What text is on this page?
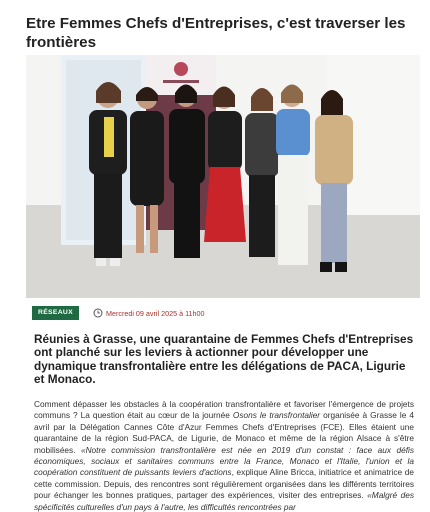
Etre Femmes Chefs d'Entreprises, c'est traverser les frontières
RÉSEAUX	Mercredi 09 avril 2025 à 11h00
Réunies à Grasse, une quarantaine de Femmes Chefs d'Entreprises ont planché sur les leviers à actionner pour développer une dynamique transfrontalière entre les délégations de PACA, Ligurie et Monaco.
Comment dépasser les obstacles à la coopération transfrontalière et favoriser l'émergence de projets communs ? La question était au cœur de la journée Osons le transfrontalier organisée à Grasse le 4 avril par la Délégation Cannes Côte d'Azur Femmes Chefs d'Entreprises (FCE). Elles étaient une quarantaine de la région Sud-PACA, de Ligurie, de Monaco et même de la région Alsace à s'être mobilisées. «Notre commission transfrontalière est née en 2019 d'un constat : face aux défis économiques, sociaux et sanitaires communs entre la France, Monaco et l'Italie, l'union et la coopération constituent de puissants leviers d'actions, explique Aline Bricca, initiatrice et animatrice de cette commission. Depuis, des rencontres sont régulièrement organisées dans les différents territoires pour échanger les bonnes pratiques, partager des expériences, visiter des entreprises. «Malgré des spécificités culturelles d'un pays à l'autre, les difficultés rencontrées par
